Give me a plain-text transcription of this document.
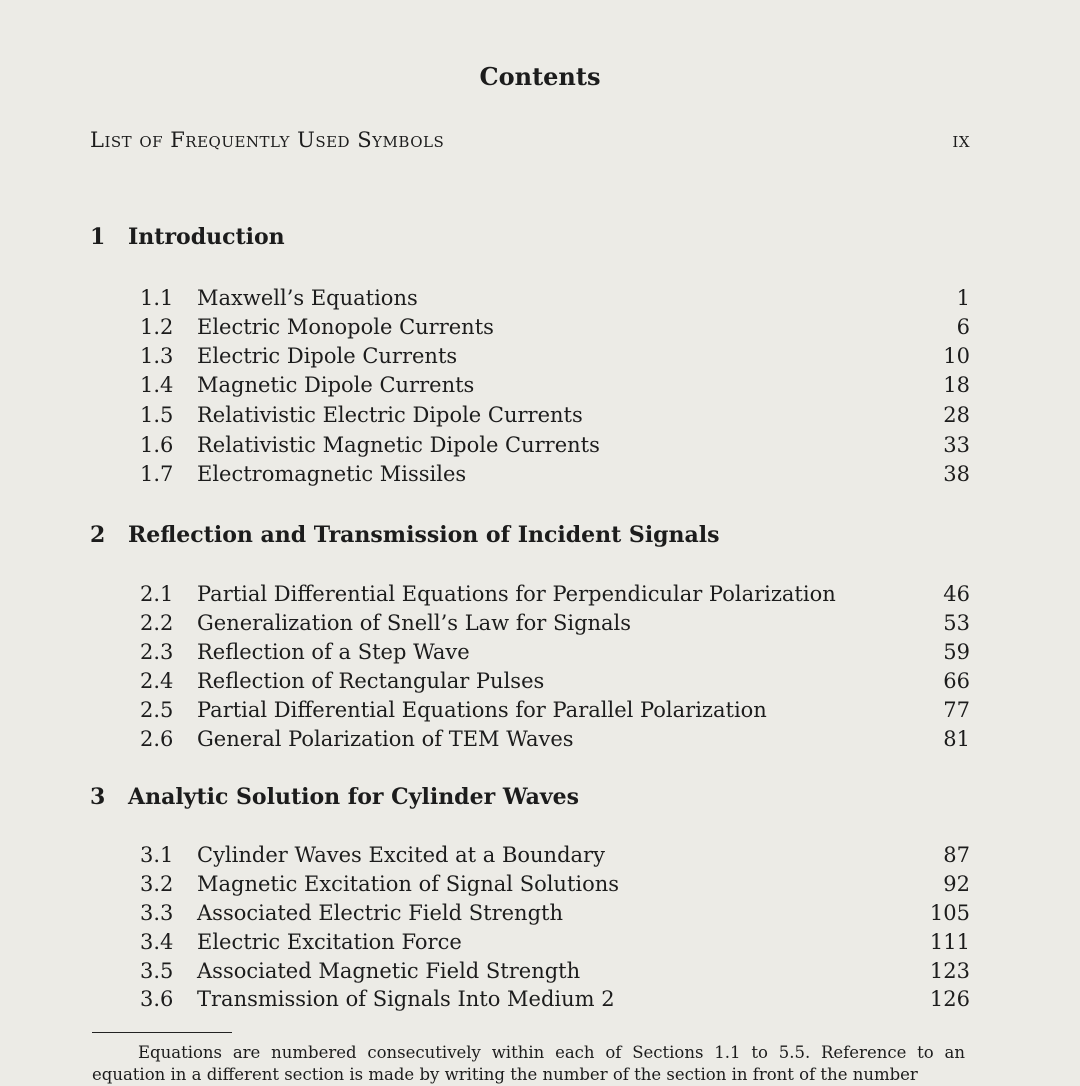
Contents
List of Frequently Used Symbols	ix
1 Introduction
1.1	Maxwell’s Equations	1
1.2	Electric Monopole Currents	6
1.3	Electric Dipole Currents	10
1.4	Magnetic Dipole Currents	18
1.5	Relativistic Electric Dipole Currents	28
1.6	Relativistic Magnetic Dipole Currents	33
1.7	Electromagnetic Missiles	38
2 Reflection and Transmission of Incident Signals
2.1	Partial Differential Equations for Perpendicular Polarization	46
2.2	Generalization of Snell’s Law for Signals	53
2.3	Reflection of a Step Wave	59
2.4	Reflection of Rectangular Pulses	66
2.5	Partial Differential Equations for Parallel Polarization	77
2.6	General Polarization of TEM Waves	81
3 Analytic Solution for Cylinder Waves
3.1	Cylinder Waves Excited at a Boundary	87
3.2	Magnetic Excitation of Signal Solutions	92
3.3	Associated Electric Field Strength	105
3.4	Electric Excitation Force	111
3.5	Associated Magnetic Field Strength	123
3.6	Transmission of Signals Into Medium 2	126

Equations are numbered consecutively within each of Sections 1.1 to 5.5. Reference to an equation in a different section is made by writing the number of the section in front of the number
